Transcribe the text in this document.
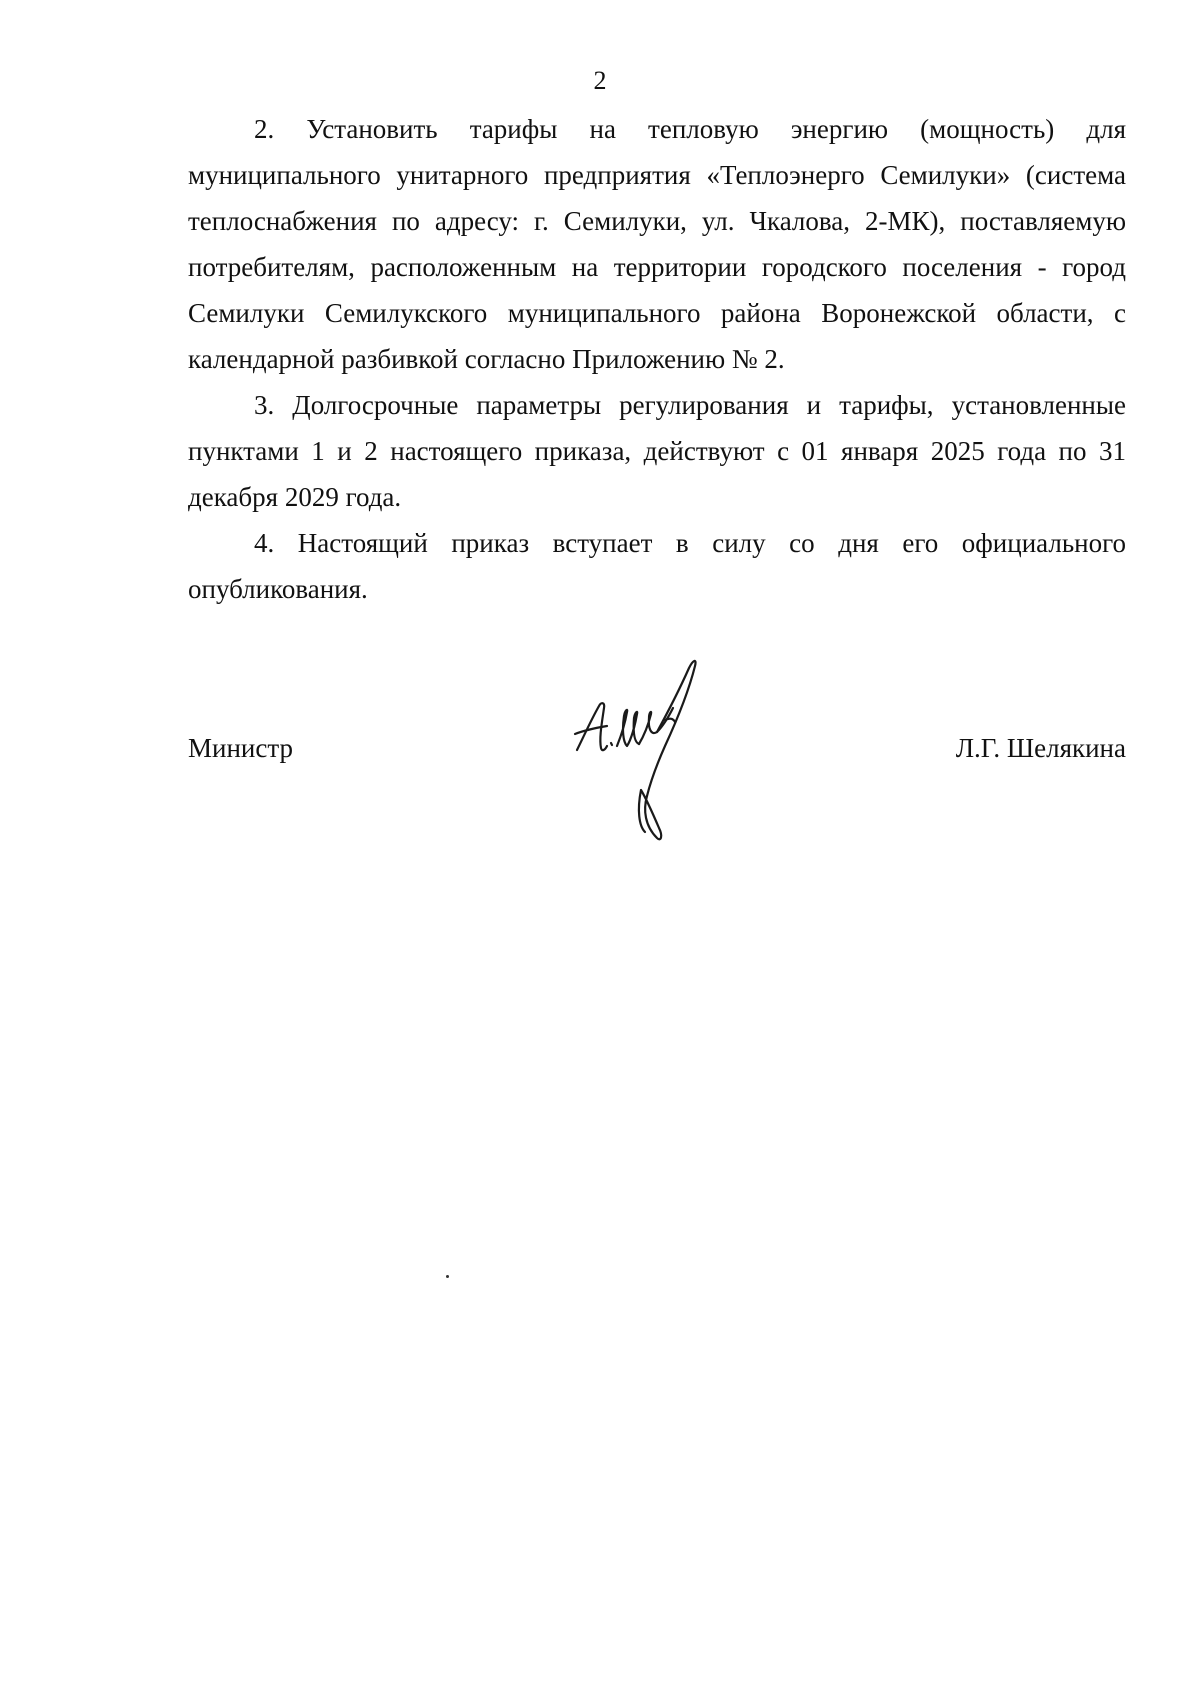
2

2. Установить тарифы на тепловую энергию (мощность) для муниципального унитарного предприятия «Теплоэнерго Семилуки» (система теплоснабжения по адресу: г. Семилуки, ул. Чкалова, 2-МК), поставляемую потребителям, расположенным на территории городского поселения - город Семилуки Семилукского муниципального района Воронежской области, с календарной разбивкой согласно Приложению № 2.

3. Долгосрочные параметры регулирования и тарифы, установленные пунктами 1 и 2 настоящего приказа, действуют с 01 января 2025 года по 31 декабря 2029 года.

4. Настоящий приказ вступает в силу со дня его официального опубликования.

Министр	Л.Г. Шелякина
